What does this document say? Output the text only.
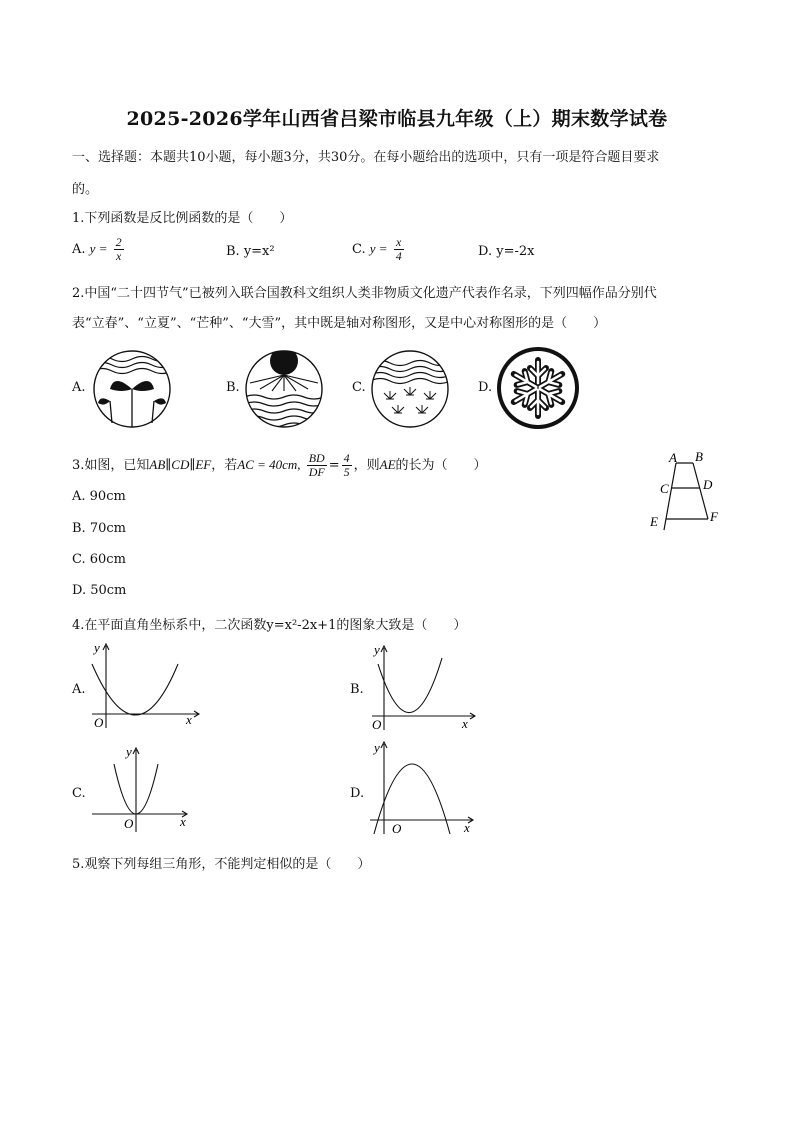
2025-2026学年山西省吕梁市临县九年级（上）期末数学试卷
一、选择题：本题共10小题，每小题3分，共30分。在每小题给出的选项中，只有一项是符合题目要求
的。
1.下列函数是反比例函数的是（　　）
A. $y = \frac{2}{x}$	B. y=x²	C. $y = \frac{x}{4}$	D. y=-2x
2.中国“二十四节气”已被列入联合国教科文组织人类非物质文化遗产代表作名录，下列四幅作品分别代
表“立春”、“立夏”、“芒种”、“大雪”，其中既是轴对称图形，又是中心对称图形的是（　　）
A.	B.	C.	D.
3.如图，已知AB∥CD∥EF，若AC = 40cm, $\frac{BD}{DF} = \frac{4}{5}$ ，则AE的长为（　　）
A. 90cm
B. 70cm
C. 60cm
D. 50cm
A B
C	D
E	F
4.在平面直角坐标系中，二次函数y=x²-2x+1的图象大致是（　　）
A.
x
y
O
B.
x
y
O
C.
x
y
O
D.
x
y
O
5.观察下列每组三角形，不能判定相似的是（　　）
